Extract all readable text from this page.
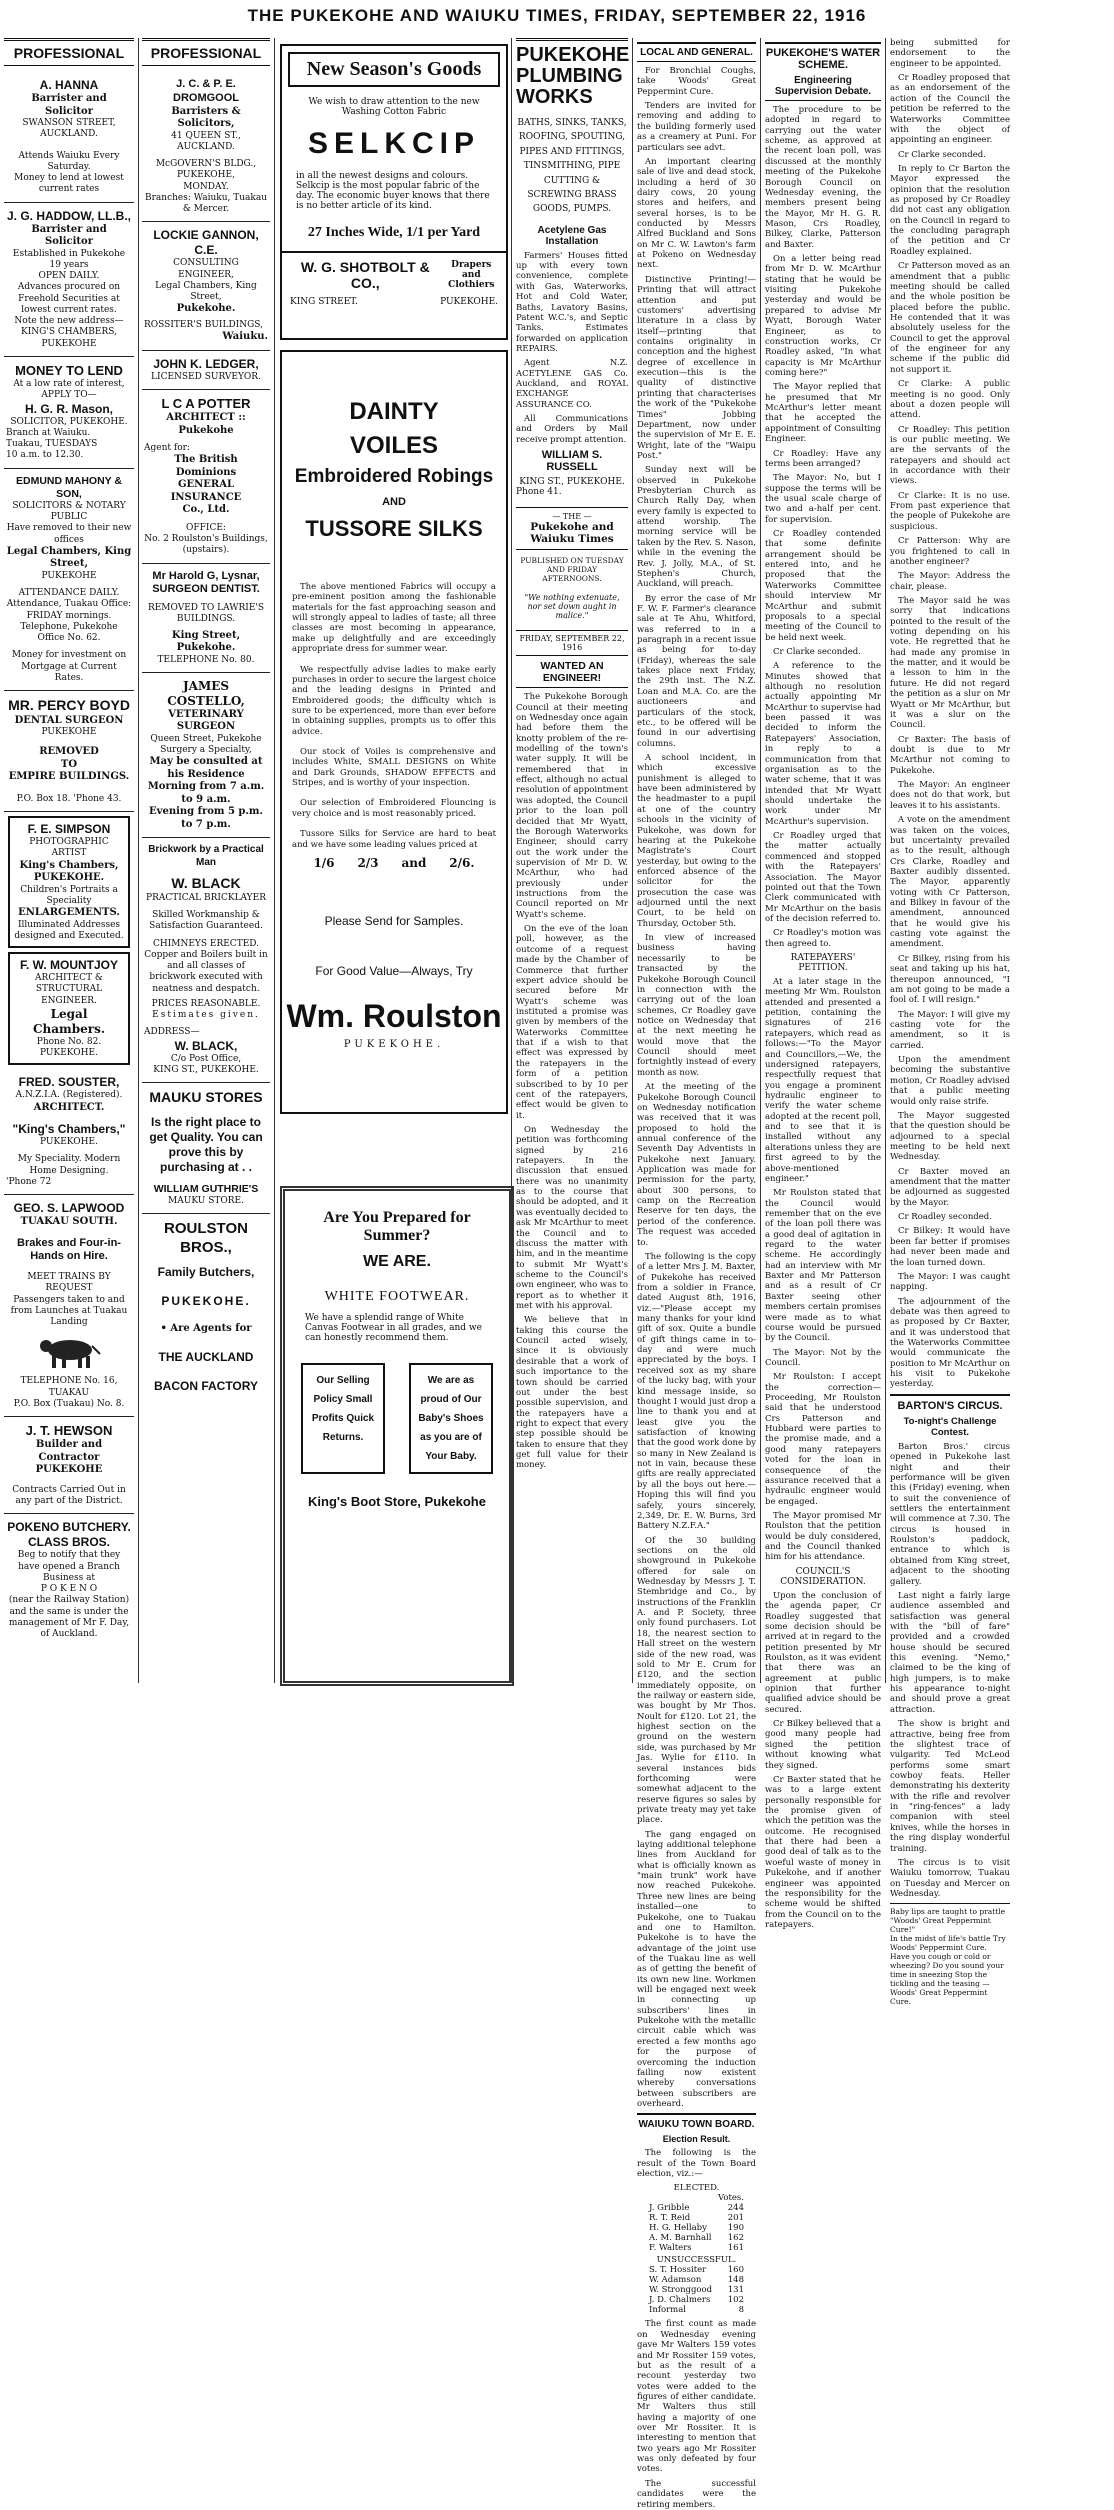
THE PUKEKOHE AND WAIUKU TIMES, FRIDAY, SEPTEMBER 22, 1916
PROFESSIONAL
A. HANNA
Barrister and Solicitor
SWANSON STREET, AUCKLAND.
Attends Waiuku Every Saturday.
Money to lend at lowest current rates
J. G. HADDOW, LL.B.,
Barrister and Solicitor
Established in Pukekohe 19 years
OPEN DAILY.
Advances procured on Freehold Securities at lowest current rates.
Note the new address—
KING'S CHAMBERS, PUKEKOHE
MONEY TO LEND
At a low rate of interest,
APPLY TO—
H. G. R. Mason,
SOLICITOR, PUKEKOHE.
Branch at Waiuku.
Tuakau, TUESDAYS
10 a.m. to 12.30.
EDMUND MAHONY & SON,
SOLICITORS & NOTARY PUBLIC
Have removed to their new offices
Legal Chambers, King Street,
PUKEKOHE
ATTENDANCE DAILY.
Attendance, Tuakau Office: FRIDAY mornings. Telephone, Pukekohe Office No. 62.
Money for investment on Mortgage at Current Rates.
MR. PERCY BOYD
DENTAL SURGEON
PUKEKOHE
REMOVED
TO
EMPIRE BUILDINGS.
P.O. Box 18. 'Phone 43.
F. E. SIMPSON
PHOTOGRAPHIC ARTIST
King's Chambers,
PUKEKOHE.
Children's Portraits a Speciality
ENLARGEMENTS.
Illuminated Addresses designed and Executed.
F. W. MOUNTJOY
ARCHITECT & STRUCTURAL ENGINEER.
Legal Chambers.
Phone No. 82. PUKEKOHE.
FRED. SOUSTER,
A.N.Z.I.A. (Registered).
ARCHITECT.
"King's Chambers,"
PUKEKOHE.
My Speciality. Modern Home Designing.
'Phone 72
GEO. S. LAPWOOD
TUAKAU SOUTH.
Brakes and Four-in-Hands on Hire.
MEET TRAINS BY REQUEST
Passengers taken to and from Launches at Tuakau Landing
TELEPHONE No. 16, TUAKAU
P.O. Box (Tuakau) No. 8.
J. T. HEWSON
Builder and Contractor
PUKEKOHE
Contracts Carried Out in any part of the District.
POKENO BUTCHERY.
CLASS BROS.
Beg to notify that they have opened a Branch Business at
P O K E N O
(near the Railway Station) and the same is under the management of Mr F. Day, of Auckland.
PROFESSIONAL
J. C. & P. E. DROMGOOL
Barristers & Solicitors,
41 QUEEN ST., AUCKLAND.
McGOVERN'S BLDG., PUKEKOHE,
MONDAY.
Branches: Waiuku, Tuakau & Mercer.
LOCKIE GANNON, C.E.
CONSULTING ENGINEER,
Legal Chambers, King Street,
Pukekohe.
ROSSITER'S BUILDINGS,
Waiuku.
JOHN K. LEDGER,
LICENSED SURVEYOR.
L C A POTTER
ARCHITECT :: Pukekohe
Agent for:
The British Dominions
GENERAL INSURANCE
Co., Ltd.
OFFICE:
No. 2 Roulston's Buildings, (upstairs).
Mr Harold G, Lysnar,
SURGEON DENTIST.
REMOVED TO LAWRIE'S BUILDINGS.
King Street, Pukekohe.
TELEPHONE No. 80.
JAMES COSTELLO,
VETERINARY SURGEON
Queen Street, Pukekohe
Surgery a Specialty,
May be consulted at his Residence
Morning from 7 a.m. to 9 a.m.
Evening from 5 p.m. to 7 p.m.
Brickwork by a Practical Man
W. BLACK
PRACTICAL BRICKLAYER
Skilled Workmanship & Satisfaction Guaranteed.
CHIMNEYS ERECTED.
Copper and Boilers built in and all classes of brickwork executed with neatness and despatch.
PRICES REASONABLE.
Estimates given.
ADDRESS—
W. BLACK,
C/o Post Office,
KING ST., PUKEKOHE.
MAUKU STORES
Is the right place to get Quality. You can prove this by purchasing at . .
WILLIAM GUTHRIE'S
MAUKU STORE.
ROULSTON BROS.,
Family Butchers,
PUKEKOHE.
• Are Agents for
THE AUCKLAND
BACON FACTORY
New Season's Goods
We wish to draw attention to the new Washing Cotton Fabric
SELKCIP
in all the newest designs and colours. Selkcip is the most popular fabric of the day. The economic buyer knows that there is no better article of its kind.
27 Inches Wide, 1/1 per Yard
W. G. SHOTBOLT & CO.,
Drapers and Clothiers
KING STREET.	PUKEKOHE.
DAINTY
VOILES
Embroidered Robings
AND
TUSSORE SILKS

The above mentioned Fabrics will occupy a pre-eminent position among the fashionable materials for the fast approaching season and will strongly appeal to ladies of taste; all three classes are most becoming in appearance, make up delightfully and are exceedingly appropriate dress for summer wear.

We respectfully advise ladies to make early purchases in order to secure the largest choice and the leading designs in Printed and Embroidered goods; the difficulty which is sure to be experienced, more than ever before in obtaining supplies, prompts us to offer this advice.

Our stock of Voiles is comprehensive and includes White, SMALL DESIGNS on White and Dark Grounds, SHADOW EFFECTS and Stripes, and is worthy of your inspection.

Our selection of Embroidered Flouncing is very choice and is most reasonably priced.

Tussore Silks for Service are hard to beat and we have some leading values priced at

1/6 2/3 and 2/6.
Please Send for Samples.
For Good Value—Always, Try
Wm. Roulston
PUKEKOHE.
Are You Prepared for Summer?
WE ARE.
WHITE FOOTWEAR.
We have a splendid range of White Canvas Footwear in all grades, and we can honestly recommend them.
Our Selling Policy Small Profits Quick Returns.
We are as proud of Our Baby's Shoes as you are of Your Baby.
King's Boot Store, Pukekohe
PUKEKOHE PLUMBING WORKS
BATHS, SINKS, TANKS, ROOFING, SPOUTING, PIPES AND FITTINGS, TINSMITHING, PIPE CUTTING & SCREWING BRASS GOODS, PUMPS.
Acetylene Gas Installation

Farmers' Houses fitted up with every town convenience, complete with Gas, Waterworks, Hot and Cold Water, Baths, Lavatory Basins, Patent W.C.'s, and Septic Tanks. Estimates forwarded on application REPAIRS.

Agent N.Z. ACETYLENE GAS Co. Auckland, and ROYAL EXCHANGE ASSURANCE CO.

All Communications and Orders by Mail receive prompt attention.

WILLIAM S. RUSSELL
KING ST., PUKEKOHE.
Phone 41.
— THE —
Pukekohe and Waiuku Times
PUBLISHED ON TUESDAY AND FRIDAY AFTERNOONS.
"We nothing extenuate, nor set down aught in malice."
FRIDAY, SEPTEMBER 22, 1916
WANTED AN ENGINEER!

The Pukekohe Borough Council at their meeting on Wednesday once again had before them the knotty problem of the re-modelling of the town's water supply. It will be remembered that in effect, although no actual resolution of appointment was adopted, the Council prior to the loan poll decided that Mr Wyatt, the Borough Waterworks Engineer, should carry out the work under the supervision of Mr D. W. McArthur, who had previously under instructions from the Council reported on Mr Wyatt's scheme.

On the eve of the loan poll, however, as the outcome of a request made by the Chamber of Commerce that further expert advice should be secured before Mr Wyatt's scheme was instituted a promise was given by members of the Waterworks Committee that if a wish to that effect was expressed by the ratepayers in the form of a petition subscribed to by 10 per cent of the ratepayers, effect would be given to it.

On Wednesday the petition was forthcoming signed by 216 ratepayers. In the discussion that ensued there was no unanimity as to the course that should be adopted, and it was eventually decided to ask Mr McArthur to meet the Council and to discuss the matter with him, and in the meantime to submit Mr Wyatt's scheme to the Council's own engineer, who was to report as to whether it met with his approval.

We believe that in taking this course the Council acted wisely, since it is obviously desirable that a work of such importance to the town should be carried out under the best possible supervision, and the ratepayers have a right to expect that every step possible should be taken to ensure that they get full value for their money.

LOCAL AND GENERAL.

For Bronchial Coughs, take Woods' Great Peppermint Cure.

Tenders are invited for removing and adding to the building formerly used as a creamery at Puni. For particulars see advt.

An important clearing sale of live and dead stock, including a herd of 30 dairy cows, 20 young stores and heifers, and several horses, is to be conducted by Messrs Alfred Buckland and Sons on Mr C. W. Lawton's farm at Pokeno on Wednesday next.

Distinctive Printing!—Printing that will attract attention and put customers' advertising literature in a class by itself—printing that contains originality in conception and the highest degree of excellence in execution—this is the quality of distinctive printing that characterises the work of the "Pukekohe Times" Jobbing Department, now under the supervision of Mr E. E. Wright, late of the "Waipu Post."

Sunday next will be observed in Pukekohe Presbyterian Church as Church Rally Day, when every family is expected to attend worship. The morning service will be taken by the Rev. S. Nason, while in the evening the Rev. J. Jolly, M.A., of St. Stephen's Church, Auckland, will preach.

By error the case of Mr F. W. F. Farmer's clearance sale at Te Ahu, Whitford, was referred to in a paragraph in a recent issue as being for to-day (Friday), whereas the sale takes place next Friday, the 29th inst. The N.Z. Loan and M.A. Co. are the auctioneers and particulars of the stock, etc., to be offered will be found in our advertising columns.

A school incident, in which excessive punishment is alleged to have been administered by the headmaster to a pupil at one of the country schools in the vicinity of Pukekohe, was down for hearing at the Pukekohe Magistrate's Court yesterday, but owing to the enforced absence of the solicitor for the prosecution the case was adjourned until the next Court, to be held on Thursday, October 5th.

In view of increased business having necessarily to be transacted by the Pukekohe Borough Council in connection with the carrying out of the loan schemes, Cr Roadley gave notice on Wednesday that at the next meeting he would move that the Council should meet fortnightly instead of every month as now.

At the meeting of the Pukekohe Borough Council on Wednesday notification was received that it was proposed to hold the annual conference of the Seventh Day Adventists in Pukekohe next January. Application was made for permission for the party, about 300 persons, to camp on the Recreation Reserve for ten days, the period of the conference. The request was acceded to.

The following is the copy of a letter Mrs J. M. Baxter, of Pukekohe has received from a soldier in France, dated August 8th, 1916, viz.—"Please accept my many thanks for your kind gift of sox. Quite a bundle of gift things came in to-day and were much appreciated by the boys. I received sox as my share of the lucky bag, with your kind message inside, so thought I would just drop a line to thank you and at least give you the satisfaction of knowing that the good work done by so many in New Zealand is not in vain, because these gifts are really appreciated by all the boys out here.—Hoping this will find you safely, yours sincerely, 2,349, Dr. E. W. Burns, 3rd Battery N.Z.F.A."

Of the 30 building sections on the old showground in Pukekohe offered for sale on Wednesday by Messrs J. T. Stembridge and Co., by instructions of the Franklin A. and P. Society, three only found purchasers. Lot 18, the nearest section to Hall street on the western side of the new road, was sold to Mr E. Crum for £120, and the section immediately opposite, on the railway or eastern side, was bought by Mr Thos. Noult for £120. Lot 21, the highest section on the ground on the western side, was purchased by Mr Jas. Wylie for £110. In several instances bids forthcoming were somewhat adjacent to the reserve figures so sales by private treaty may yet take place.

The gang engaged on laying additional telephone lines from Auckland for what is officially known as "main trunk" work have now reached Pukekohe. Three new lines are being installed—one to Pukekohe, one to Tuakau and one to Hamilton. Pukekohe is to have the advantage of the joint use of the Tuakau line as well as of getting the benefit of its own new line. Workmen will be engaged next week in connecting up subscribers' lines in Pukekohe with the metallic circuit cable which was erected a few months ago for the purpose of overcoming the induction failing now existent whereby conversations between subscribers are overheard.

WAIUKU TOWN BOARD.
Election Result.

The following is the result of the Town Board election, viz.:—

ELECTED.
Votes.
J. Gribble	244
R. T. Reid	201
H. G. Hellaby 190
A. M. Barnhall 162
F. Walters	161
UNSUCCESSFUL.
S. T. Hossiter	160
W. Adamson	148
W. Stronggood 131
J. D. Chalmers 102
Informal	8

The first count as made on Wednesday evening gave Mr Walters 159 votes and Mr Rossiter 159 votes, but as the result of a recount yesterday two votes were added to the figures of either candidate. Mr Walters thus still having a majority of one over Mr Rossiter. It is interesting to mention that two years ago Mr Rossiter was only defeated by four votes.

The successful candidates were the retiring members.

PUKEKOHE'S WATER SCHEME.
Engineering Supervision Debate.

The procedure to be adopted in regard to carrying out the water scheme, as approved at the recent loan poll, was discussed at the monthly meeting of the Pukekohe Borough Council on Wednesday evening, the members present being the Mayor, Mr H. G. R. Mason, Crs Roadley, Bilkey, Clarke, Patterson and Baxter.

On a letter being read from Mr D. W. McArthur stating that he would be visiting Pukekohe yesterday and would be prepared to advise Mr Wyatt, Borough Water Engineer, as to construction works, Cr Roadley asked, "In what capacity is Mr McArthur coming here?"

The Mayor replied that he presumed that Mr McArthur's letter meant that he accepted the appointment of Consulting Engineer.

Cr Roadley: Have any terms been arranged?

The Mayor: No, but I suppose the terms will be the usual scale charge of two and a-half per cent. for supervision.

Cr Roadley contended that some definite arrangement should be entered into, and he proposed that the Waterworks Committee should interview Mr McArthur and submit proposals to a special meeting of the Council to be held next week.

Cr Clarke seconded.

A reference to the Minutes showed that although no resolution actually appointing Mr McArthur to supervise had been passed it was decided to inform the Ratepayers' Association, in reply to a communication from that organisation as to the water scheme, that it was intended that Mr Wyatt should undertake the work under Mr McArthur's supervision.

Cr Roadley urged that the matter actually commenced and stopped with the Ratepayers' Association. The Mayor pointed out that the Town Clerk communicated with Mr McArthur on the basis of the decision referred to.

Cr Roadley's motion was then agreed to.

RATEPAYERS' PETITION.

At a later stage in the meeting Mr Wm. Roulston attended and presented a petition, containing the signatures of 216 ratepayers, which read as follows:—"To the Mayor and Councillors,—We, the undersigned ratepayers, respectfully request that you engage a prominent hydraulic engineer to verify the water scheme adopted at the recent poll, and to see that it is installed without any alterations unless they are first agreed to by the above-mentioned engineer."

Mr Roulston stated that the Council would remember that on the eve of the loan poll there was a good deal of agitation in regard to the water scheme. He accordingly had an interview with Mr Baxter and Mr Patterson and as a result of Cr Baxter seeing other members certain promises were made as to what course would be pursued by the Council.

The Mayor: Not by the Council.

Mr Roulston: I accept the correction—Proceeding, Mr Roulston said that he understood Crs Patterson and Hubbard were parties to the promise made, and a good many ratepayers voted for the loan in consequence of the assurance received that a hydraulic engineer would be engaged.

The Mayor promised Mr Roulston that the petition would be duly considered, and the Council thanked him for his attendance.

COUNCIL'S CONSIDERATION.

Upon the conclusion of the agenda paper, Cr Roadley suggested that some decision should be arrived at in regard to the petition presented by Mr Roulston, as it was evident that there was an agreement at public opinion that further qualified advice should be secured.

Cr Bilkey believed that a good many people had signed the petition without knowing what they signed.

Cr Baxter stated that he was to a large extent personally responsible for the promise given of which the petition was the outcome. He recognised that there had been a good deal of talk as to the woeful waste of money in Pukekohe, and if another engineer was appointed the responsibility for the scheme would be shifted from the Council on to the ratepayers.

being submitted for endorsement to the engineer to be appointed.

Cr Roadley proposed that as an endorsement of the action of the Council the petition be referred to the Waterworks Committee with the object of appointing an engineer.

Cr Clarke seconded.

In reply to Cr Barton the Mayor expressed the opinion that the resolution as proposed by Cr Roadley did not cast any obligation on the Council in regard to the concluding paragraph of the petition and Cr Roadley explained.

Cr Patterson moved as an amendment that a public meeting should be called and the whole position be placed before the public. He contended that it was absolutely useless for the Council to get the approval of the engineer for any scheme if the public did not support it.

Cr Clarke: A public meeting is no good. Only about a dozen people will attend.

Cr Roadley: This petition is our public meeting. We are the servants of the ratepayers and should act in accordance with their views.

Cr Clarke: It is no use. From past experience that the people of Pukekohe are suspicious.

Cr Patterson: Why are you frightened to call in another engineer?

The Mayor: Address the chair, please.

The Mayor said he was sorry that indications pointed to the result of the voting depending on his vote. He regretted that he had made any promise in the matter, and it would be a lesson to him in the future. He did not regard the petition as a slur on Mr Wyatt or Mr McArthur, but it was a slur on the Council.

Cr Baxter: The basis of doubt is due to Mr McArthur not coming to Pukekohe.

The Mayor: An engineer does not do that work, but leaves it to his assistants.

A vote on the amendment was taken on the voices, but uncertainty prevailed as to the result, although Crs Clarke, Roadley and Baxter audibly dissented. The Mayor, apparently voting with Cr Patterson, and Bilkey in favour of the amendment, announced that he would give his casting vote against the amendment.

Cr Bilkey, rising from his seat and taking up his hat, thereupon announced, "I am not going to be made a fool of. I will resign."

The Mayor: I will give my casting vote for the amendment, so it is carried.

Upon the amendment becoming the substantive motion, Cr Roadley advised that a public meeting would only raise strife.

The Mayor suggested that the question should be adjourned to a special meeting to be held next Wednesday.

Cr Baxter moved an amendment that the matter be adjourned as suggested by the Mayor.

Cr Roadley seconded.

Cr Bilkey: It would have been far better if promises had never been made and the loan turned down.

The Mayor: I was caught napping.

The adjournment of the debate was then agreed to as proposed by Cr Baxter, and it was understood that the Waterworks Committee would communicate the position to Mr McArthur on his visit to Pukekohe yesterday.

BARTON'S CIRCUS.
To-night's Challenge Contest.

Barton Bros.' circus opened in Pukekohe last night and their performance will be given this (Friday) evening, when to suit the convenience of settlers the entertainment will commence at 7.30. The circus is housed in Roulston's paddock, entrance to which is obtained from King street, adjacent to the shooting gallery.

Last night a fairly large audience assembled and satisfaction was general with the "bill of fare" provided and a crowded house should be secured this evening. "Nemo," claimed to be the king of high jumpers, is to make his appearance to-night and should prove a great attraction.

The show is bright and attractive, being free from the slightest trace of vulgarity. Ted McLeod performs some smart cowboy feats. Heller demonstrating his dexterity with the rifle and revolver in "ring-fences" a lady companion with steel knives, while the horses in the ring display wonderful training.

The circus is to visit Waiuku tomorrow, Tuakau on Tuesday and Mercer on Wednesday.

Baby lips are taught to prattle "Woods' Great Peppermint Cure!"
In the midst of life's battle Try Woods' Peppermint Cure.
Have you cough or cold or wheezing? Do you sound your time in sneezing Stop the tickling and the teasing — Woods' Great Peppermint Cure.
